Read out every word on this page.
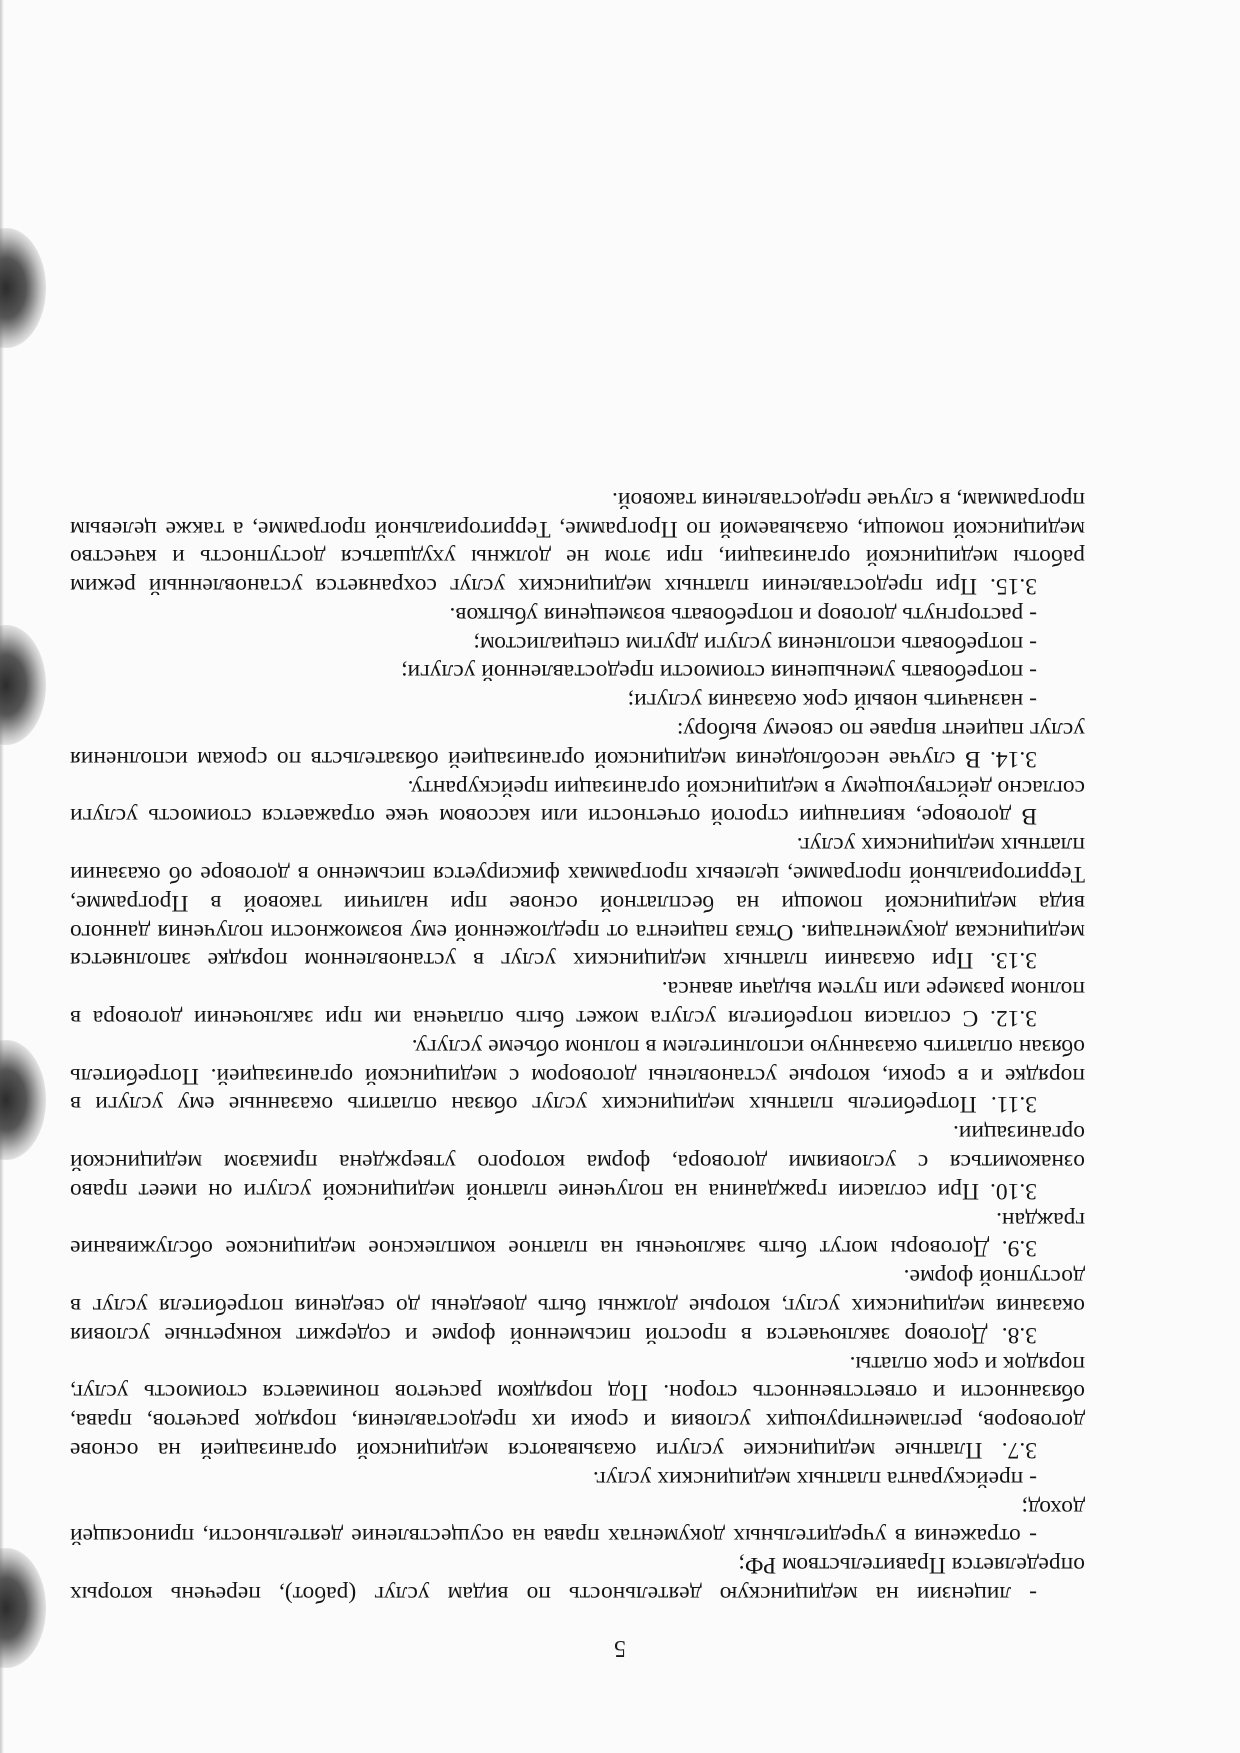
5

- лицензии на медицинскую деятельность по видам услуг (работ), перечень которых определяется Правительством РФ;

- отражения в учредительных документах права на осуществление деятельности, приносящей доход;

- прейскуранта платных медицинских услуг.

3.7. Платные медицинские услуги оказываются медицинской организацией на основе договоров, регламентирующих условия и сроки их предоставления, порядок расчетов, права, обязанности и ответственность сторон. Под порядком расчетов понимается стоимость услуг, порядок и срок оплаты.

3.8. Договор заключается в простой письменной форме и содержит конкретные условия оказания медицинских услуг, которые должны быть доведены до сведения потребителя услуг в доступной форме.

3.9. Договоры могут быть заключены на платное комплексное медицинское обслуживание граждан.

3.10. При согласии гражданина на получение платной медицинской услуги он имеет право ознакомиться с условиями договора, форма которого утверждена приказом медицинской организации.

3.11. Потребитель платных медицинских услуг обязан оплатить оказанные ему услуги в порядке и в сроки, которые установлены договором с медицинской организацией. Потребитель обязан оплатить оказанную исполнителем в полном объеме услугу.

3.12. С согласия потребителя услуга может быть оплачена им при заключении договора в полном размере или путем выдачи аванса.

3.13. При оказании платных медицинских услуг в установленном порядке заполняется медицинская документация. Отказ пациента от предложенной ему возможности получения данного вида медицинской помощи на бесплатной основе при наличии таковой в Программе, Территориальной программе, целевых программах фиксируется письменно в договоре об оказании платных медицинских услуг.

В договоре, квитанции строгой отчетности или кассовом чеке отражается стоимость услуги согласно действующему в медицинской организации прейскуранту.

3.14. В случае несоблюдения медицинской организацией обязательств по срокам исполнения услуг пациент вправе по своему выбору:

- назначить новый срок оказания услуги;

- потребовать уменьшения стоимости предоставленной услуги;

- потребовать исполнения услуги другим специалистом;

- расторгнуть договор и потребовать возмещения убытков.

3.15. При предоставлении платных медицинских услуг сохраняется установленный режим работы медицинской организации, при этом не должны ухудшаться доступность и качество медицинской помощи, оказываемой по Программе, Территориальной программе, а также целевым программам, в случае предоставления таковой.
